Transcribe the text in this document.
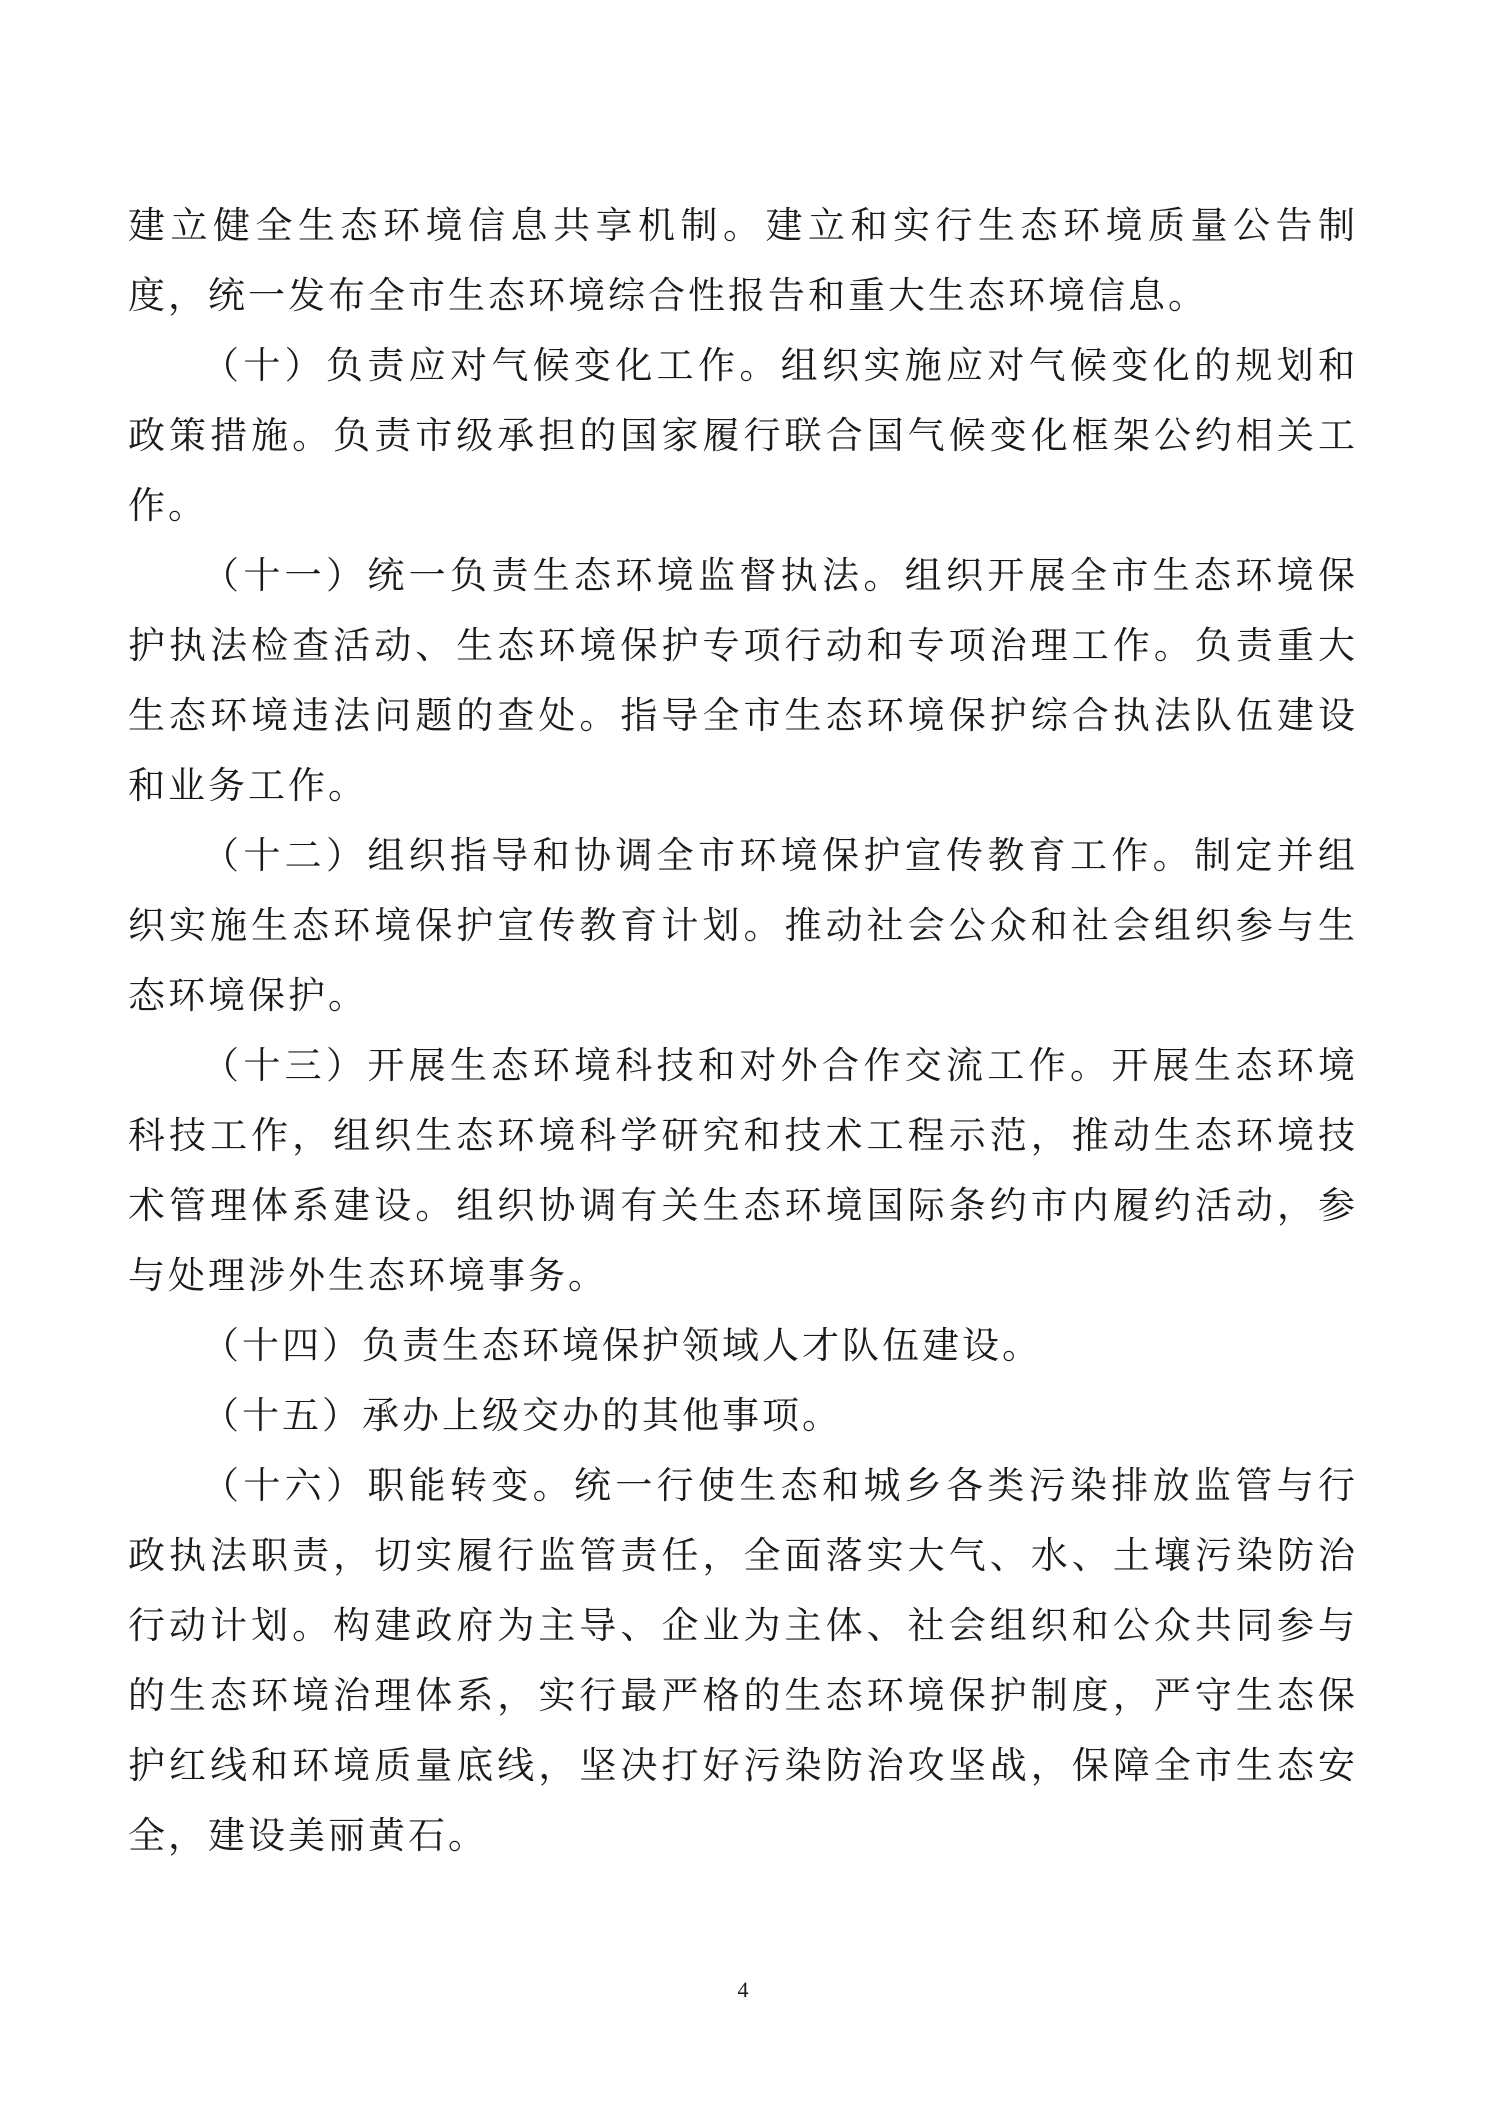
建立健全生态环境信息共享机制。建立和实行生态环境质量公告制度，统一发布全市生态环境综合性报告和重大生态环境信息。

（十）负责应对气候变化工作。组织实施应对气候变化的规划和政策措施。负责市级承担的国家履行联合国气候变化框架公约相关工作。

（十一）统一负责生态环境监督执法。组织开展全市生态环境保护执法检查活动、生态环境保护专项行动和专项治理工作。负责重大生态环境违法问题的查处。指导全市生态环境保护综合执法队伍建设和业务工作。

（十二）组织指导和协调全市环境保护宣传教育工作。制定并组织实施生态环境保护宣传教育计划。推动社会公众和社会组织参与生态环境保护。

（十三）开展生态环境科技和对外合作交流工作。开展生态环境科技工作，组织生态环境科学研究和技术工程示范，推动生态环境技术管理体系建设。组织协调有关生态环境国际条约市内履约活动，参与处理涉外生态环境事务。

（十四）负责生态环境保护领域人才队伍建设。

（十五）承办上级交办的其他事项。

（十六）职能转变。统一行使生态和城乡各类污染排放监管与行政执法职责，切实履行监管责任，全面落实大气、水、土壤污染防治行动计划。构建政府为主导、企业为主体、社会组织和公众共同参与的生态环境治理体系，实行最严格的生态环境保护制度，严守生态保护红线和环境质量底线，坚决打好污染防治攻坚战，保障全市生态安全，建设美丽黄石。

4
